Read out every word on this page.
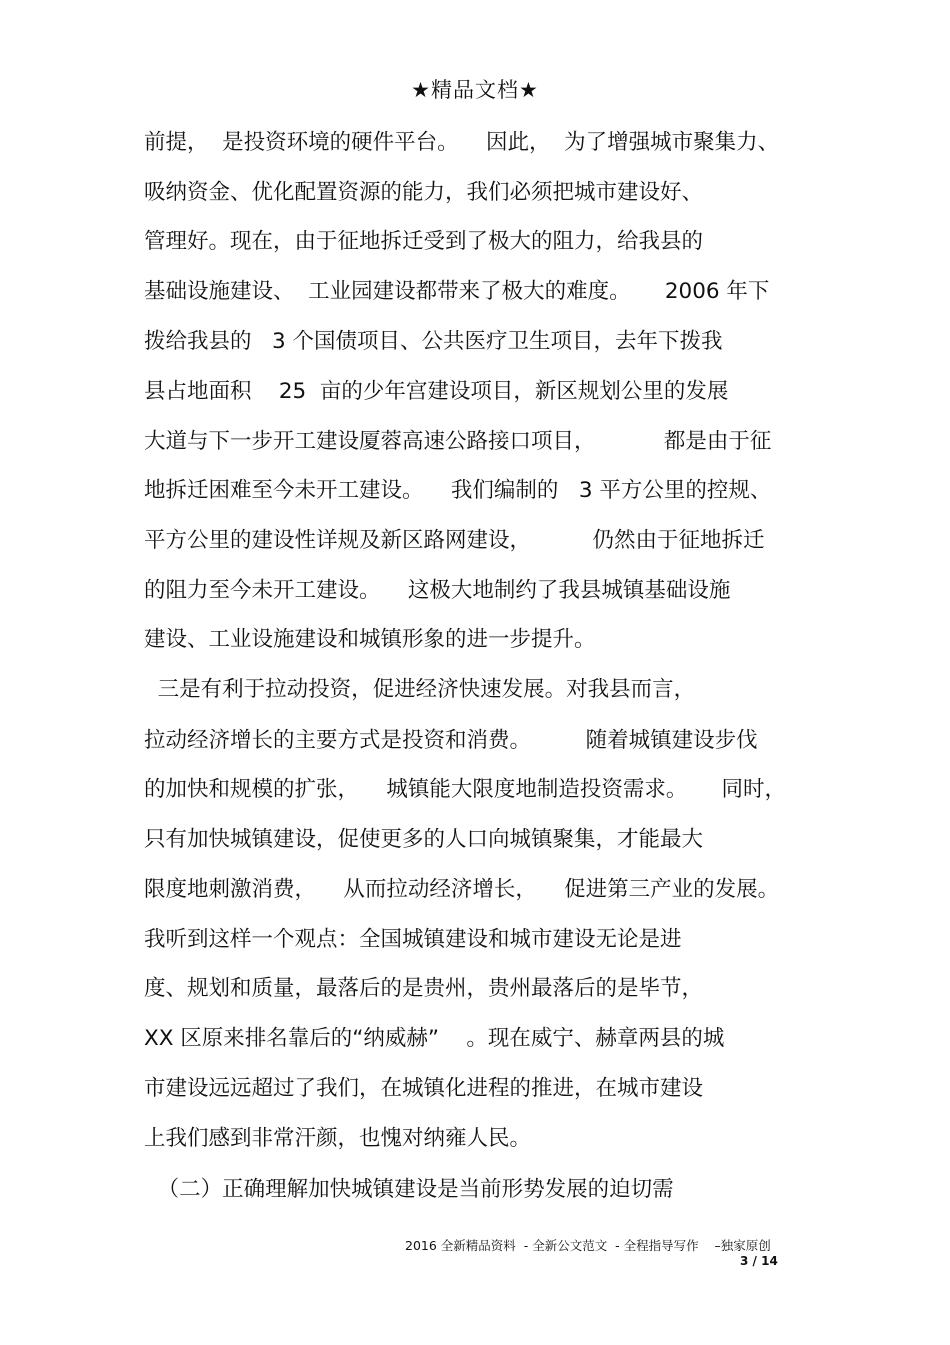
★精品文档★
前提，  是投资环境的硬件平台。    因此，  为了增强城市聚集力、
吸纳资金、优化配置资源的能力，我们必须把城市建设好、
管理好。现在，由于征地拆迁受到了极大的阻力，给我县的
基础设施建设、  工业园建设都带来了极大的难度。     2006 年下
拨给我县的   3 个国债项目、公共医疗卫生项目，去年下拨我
县占地面积    25  亩的少年宫建设项目，新区规划公里的发展
大道与下一步开工建设厦蓉高速公路接口项目，          都是由于征
地拆迁困难至今未开工建设。    我们编制的   3 平方公里的控规、
平方公里的建设性详规及新区路网建设，         仍然由于征地拆迁
的阻力至今未开工建设。    这极大地制约了我县城镇基础设施
建设、工业设施建设和城镇形象的进一步提升。
三是有利于拉动投资，促进经济快速发展。对我县而言，
拉动经济增长的主要方式是投资和消费。        随着城镇建设步伐
的加快和规模的扩张，    城镇能大限度地制造投资需求。     同时，
只有加快城镇建设，促使更多的人口向城镇聚集，才能最大
限度地刺激消费，    从而拉动经济增长，    促进第三产业的发展。
我听到这样一个观点：全国城镇建设和城市建设无论是进
度、规划和质量，最落后的是贵州，贵州最落后的是毕节，
XX 区原来排名靠后的“纳威赫”    。现在威宁、赫章两县的城
市建设远远超过了我们，在城镇化进程的推进，在城市建设
上我们感到非常汗颜，也愧对纳雍人民。
（二）正确理解加快城镇建设是当前形势发展的迫切需
2016 全新精品资料  - 全新公文范文  - 全程指导写作    –独家原创
3 / 14
